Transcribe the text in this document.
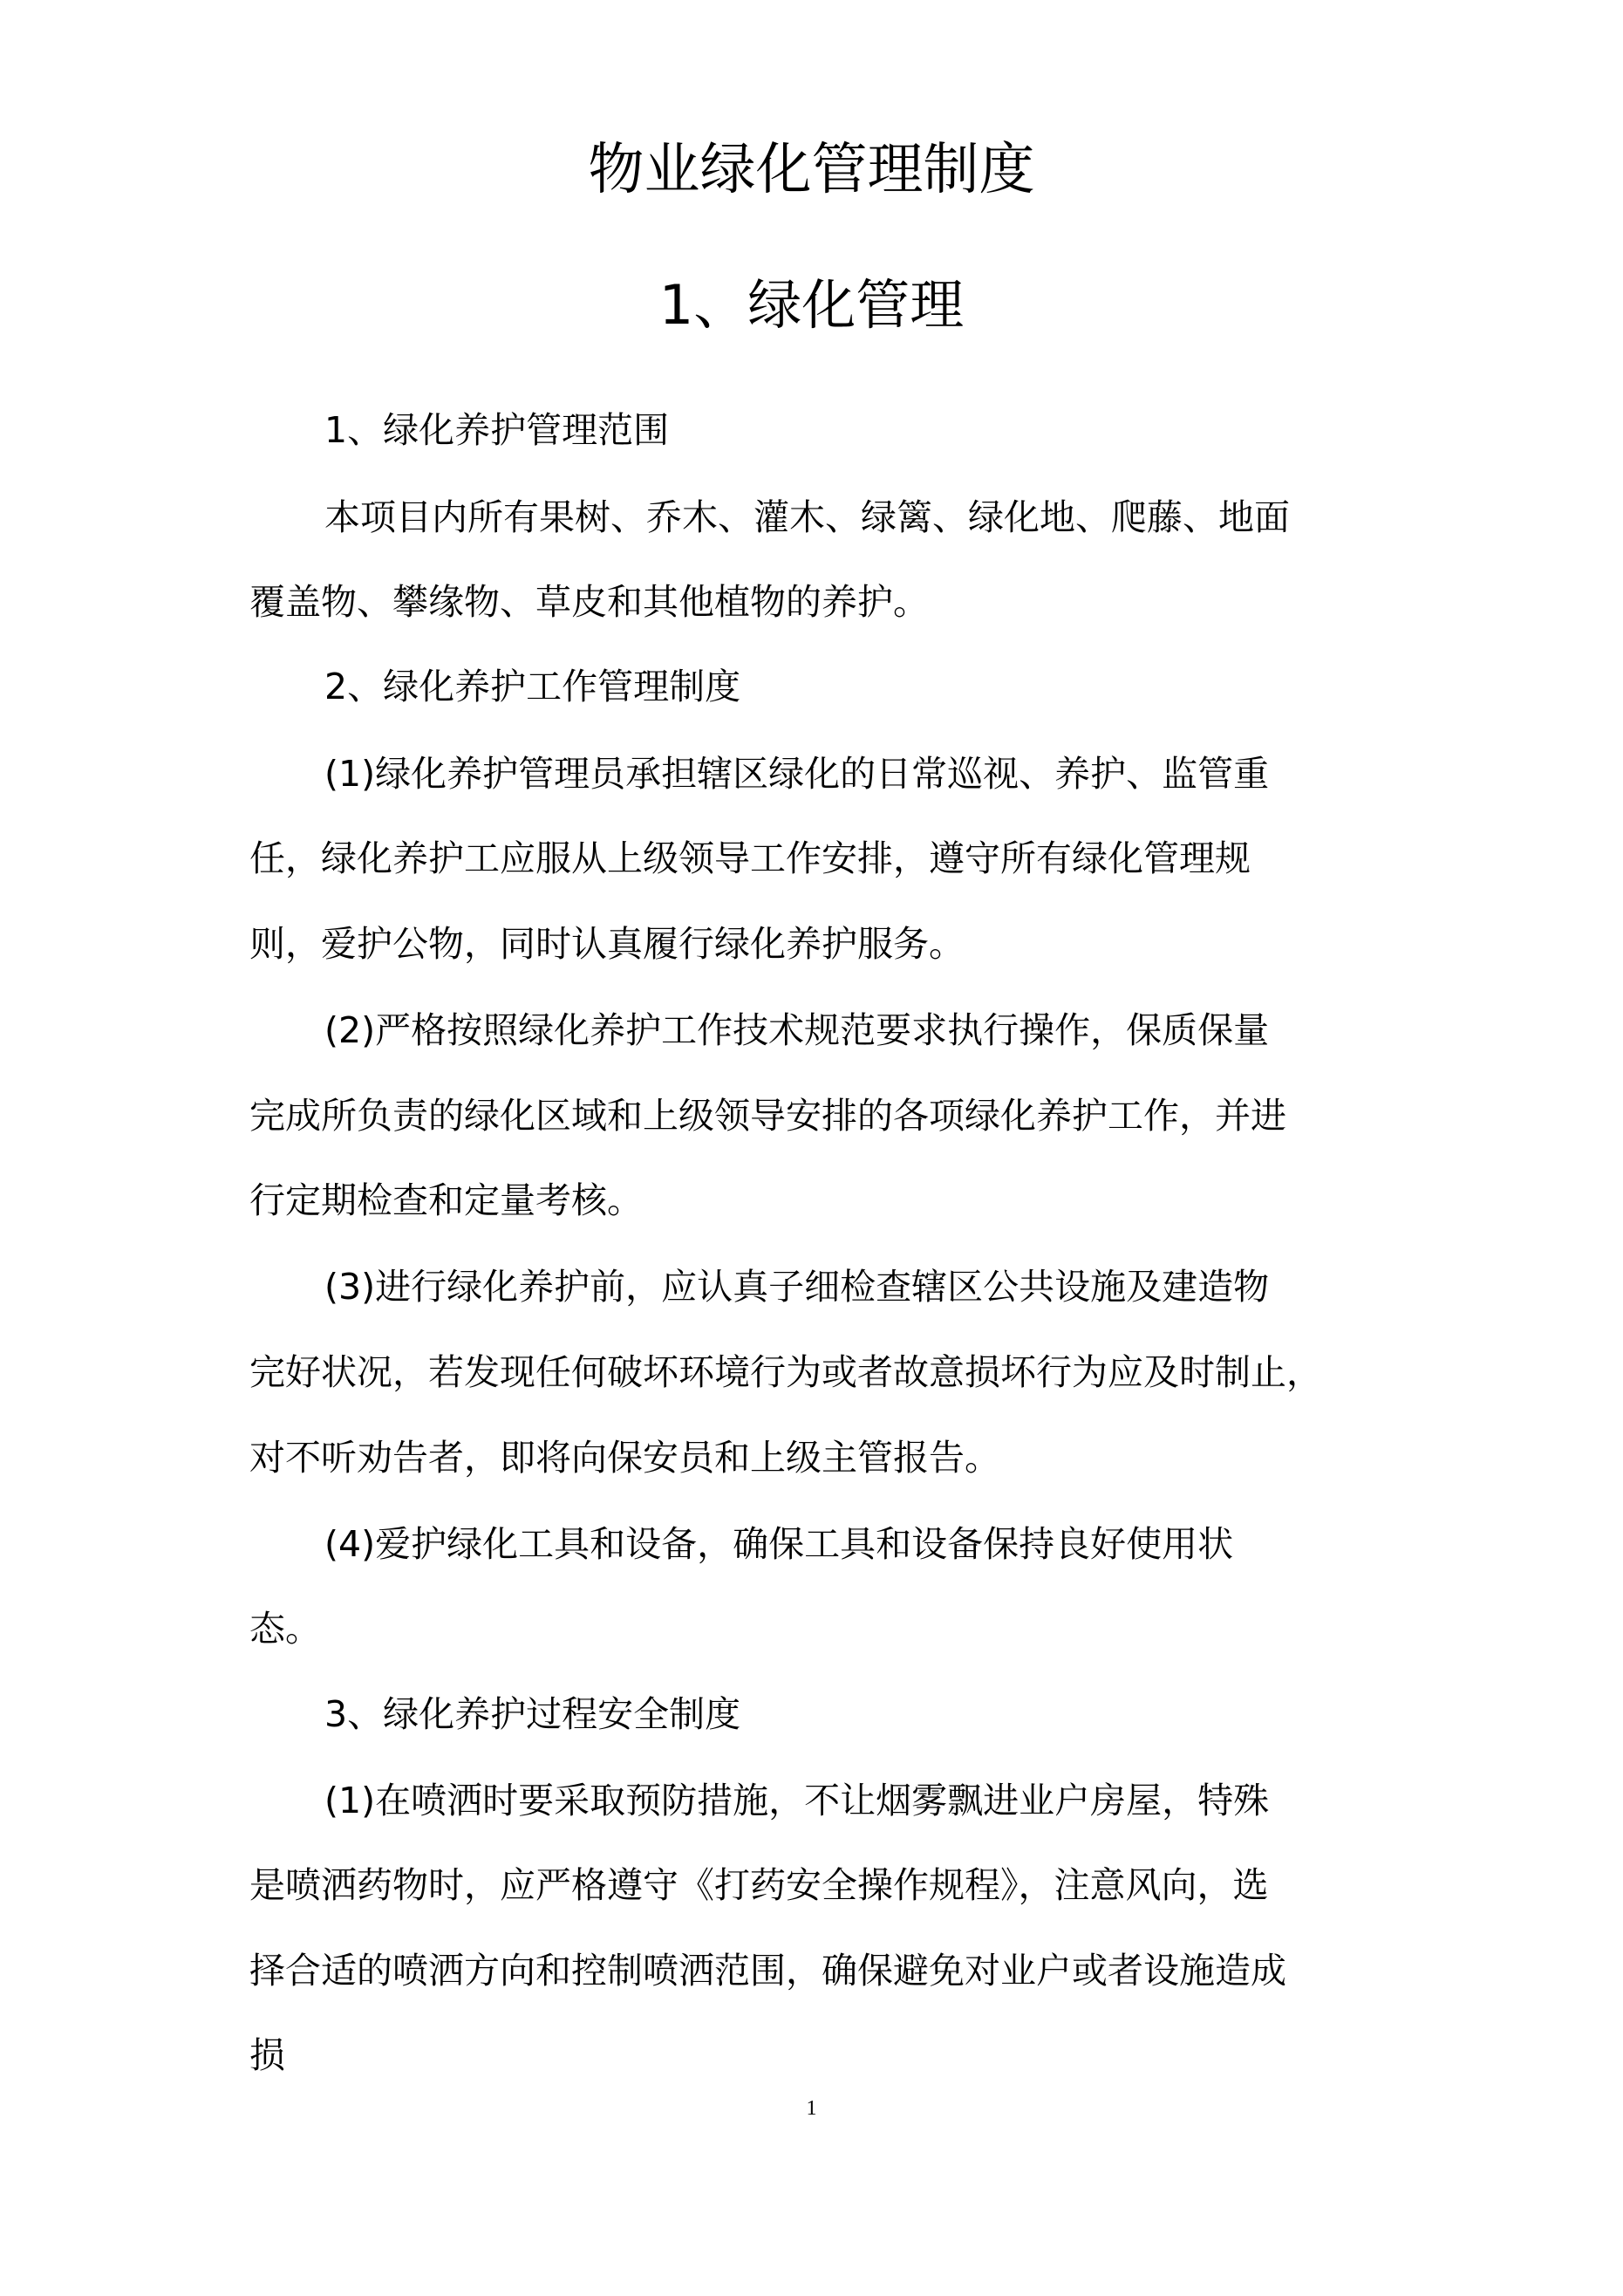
物业绿化管理制度
1、绿化管理

1、绿化养护管理范围

本项目内所有果树、乔木、灌木、绿篱、绿化地、爬藤、地面

覆盖物、攀缘物、草皮和其他植物的养护。

2、绿化养护工作管理制度

(1)绿化养护管理员承担辖区绿化的日常巡视、养护、监管重

任，绿化养护工应服从上级领导工作安排，遵守所有绿化管理规

则，爱护公物，同时认真履行绿化养护服务。

(2)严格按照绿化养护工作技术规范要求执行操作，保质保量

完成所负责的绿化区域和上级领导安排的各项绿化养护工作，并进

行定期检查和定量考核。

(3)进行绿化养护前，应认真子细检查辖区公共设施及建造物

完好状况，若发现任何破坏环境行为或者故意损坏行为应及时制止，

对不听劝告者，即将向保安员和上级主管报告。

(4)爱护绿化工具和设备，确保工具和设备保持良好使用状

态。

3、绿化养护过程安全制度

(1)在喷洒时要采取预防措施，不让烟雾飘进业户房屋，特殊

是喷洒药物时，应严格遵守《打药安全操作规程》，注意风向，选

择合适的喷洒方向和控制喷洒范围，确保避免对业户或者设施造成

损

1
